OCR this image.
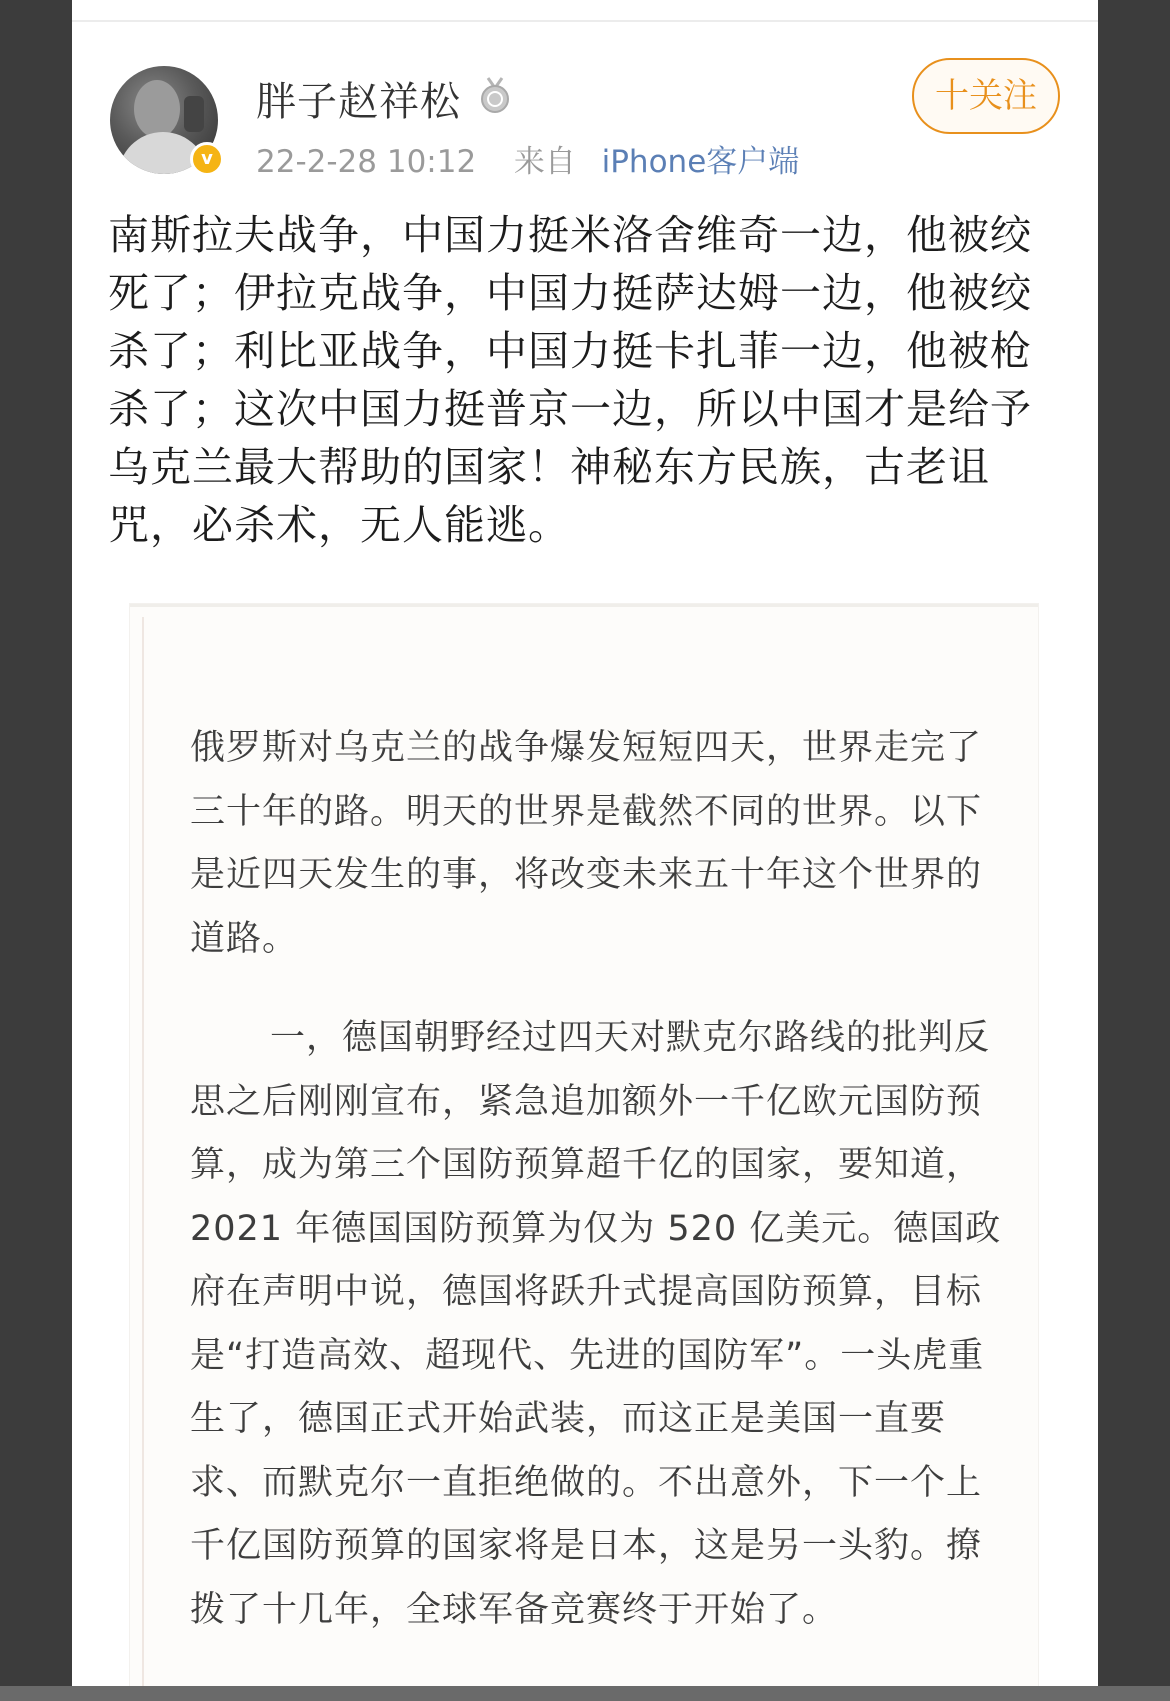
v
胖子赵祥松
22-2-28 10:12 来自 iPhone客户端
十关注

南斯拉夫战争，中国力挺米洛舍维奇一边，他被绞死了；伊拉克战争，中国力挺萨达姆一边，他被绞杀了；利比亚战争，中国力挺卡扎菲一边，他被枪杀了；这次中国力挺普京一边，所以中国才是给予乌克兰最大帮助的国家！神秘东方民族，古老诅咒，必杀术，无人能逃。

俄罗斯对乌克兰的战争爆发短短四天，世界走完了三十年的路。明天的世界是截然不同的世界。以下是近四天发生的事，将改变未来五十年这个世界的道路。

一，德国朝野经过四天对默克尔路线的批判反思之后刚刚宣布，紧急追加额外一千亿欧元国防预算，成为第三个国防预算超千亿的国家，要知道，2021 年德国国防预算为仅为 520 亿美元。德国政府在声明中说，德国将跃升式提高国防预算，目标是“打造高效、超现代、先进的国防军”。一头虎重生了，德国正式开始武装，而这正是美国一直要求、而默克尔一直拒绝做的。不出意外，下一个上千亿国防预算的国家将是日本，这是另一头豹。撩拨了十几年，全球军备竞赛终于开始了。
